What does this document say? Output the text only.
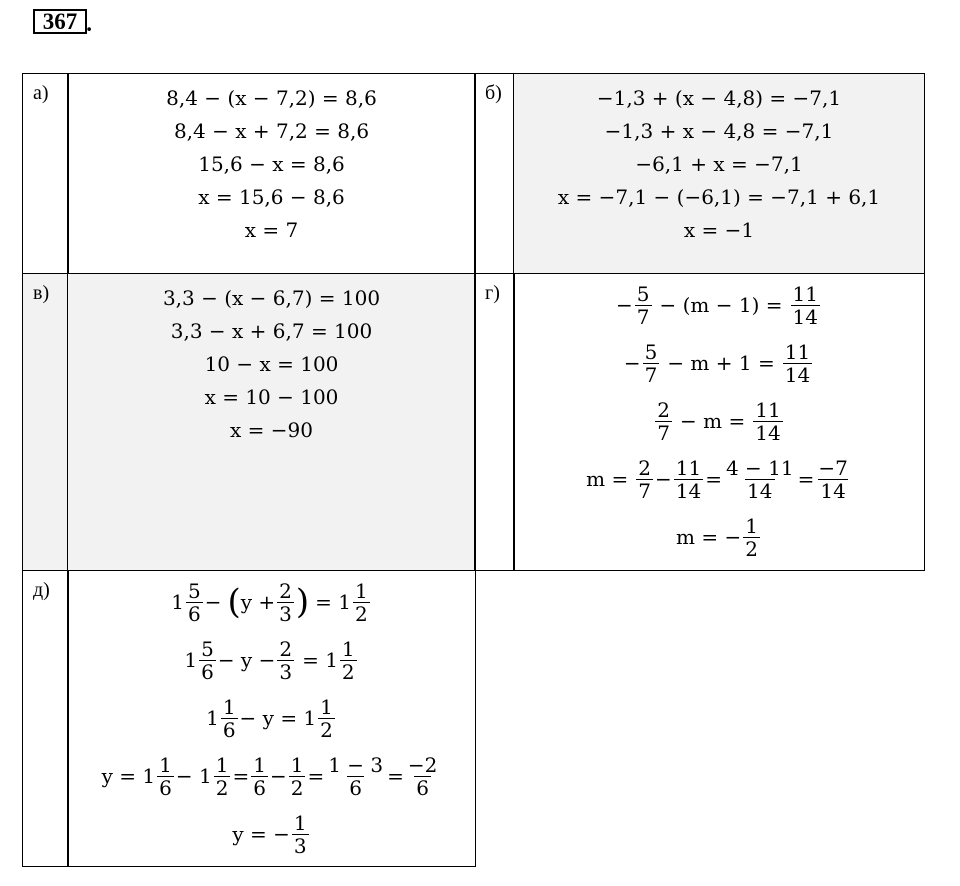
367 .
а)	8,4 − (x − 7,2) = 8,6
8,4 − x + 7,2 = 8,6
15,6 − x = 8,6
x = 15,6 − 8,6
x = 7
б)	−1,3 + (x − 4,8) = −7,1
−1,3 + x − 4,8 = −7,1
−6,1 + x = −7,1
x = −7,1 − (−6,1) = −7,1 + 6,1
x = −1
в)	3,3 − (x − 6,7) = 100
3,3 − x + 6,7 = 100
10 − x = 100
x = 10 − 100
x = −90
г)	− $\frac{5}{7} - (m - 1) = \frac{11}{14}$
− $\frac{5}{7} - m + 1 = \frac{11}{14}$
$\frac{2}{7} - m = \frac{11}{14}$
$m = \frac{2}{7} - \frac{11}{14} = \frac{4 - 11}{14} = \frac{-7}{14}$
m = − $\frac{1}{2}$
д)	$1 \frac{5}{6}$ − ( $y + \frac{2}{3}$ ) = $1 \frac{1}{2}$
$1 \frac{5}{6} - y - \frac{2}{3} = 1 \frac{1}{2}$
$1 \frac{1}{6} - y = 1 \frac{1}{2}$
$y = 1 \frac{1}{6} - 1 \frac{1}{2} = \frac{1}{6} - \frac{1}{2} = \frac{1 - 3}{6} = \frac{-2}{6}$
y = − $\frac{1}{3}$
